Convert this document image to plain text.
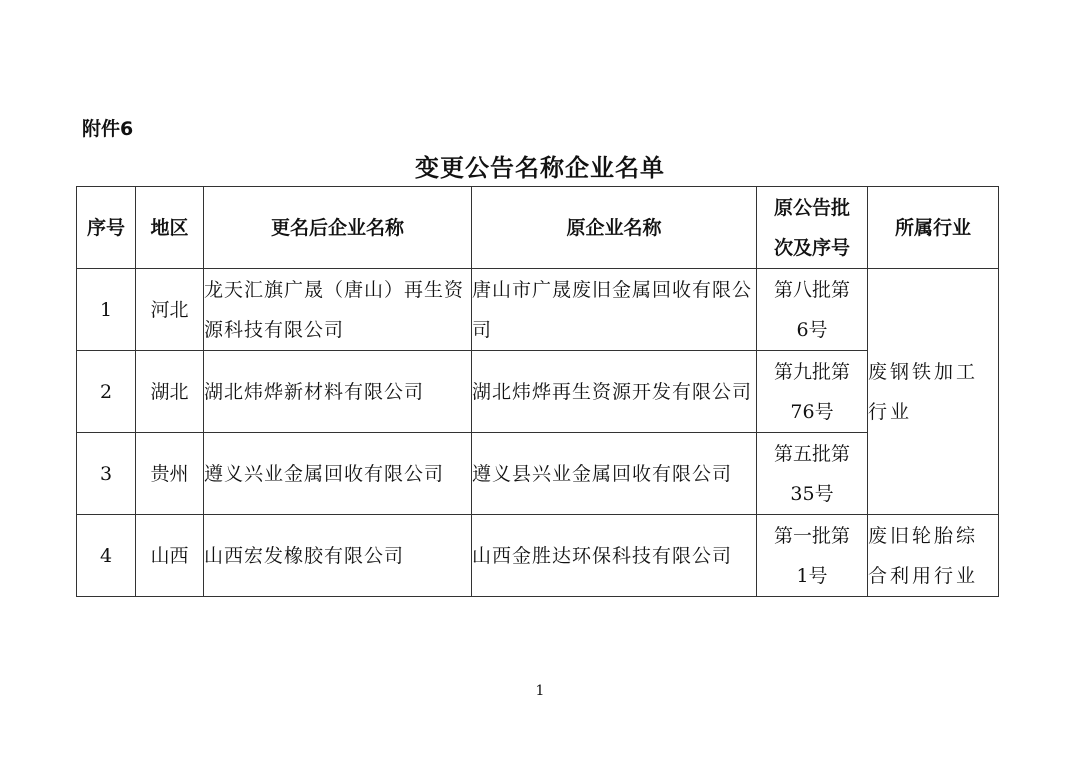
附件6
变更公告名称企业名单
序号	地区	更名后企业名称	原企业名称	原公告批次及序号	所属行业
1	河北	龙天汇旗广晟（唐山）再生资源科技有限公司	唐山市广晟废旧金属回收有限公司	第八批第6号	废钢铁加工行业
2	湖北	湖北炜烨新材料有限公司	湖北炜烨再生资源开发有限公司	第九批第76号	
3	贵州	遵义兴业金属回收有限公司	遵义县兴业金属回收有限公司	第五批第35号	
4	山西	山西宏发橡胶有限公司	山西金胜达环保科技有限公司	第一批第1号	废旧轮胎综合利用行业
1
